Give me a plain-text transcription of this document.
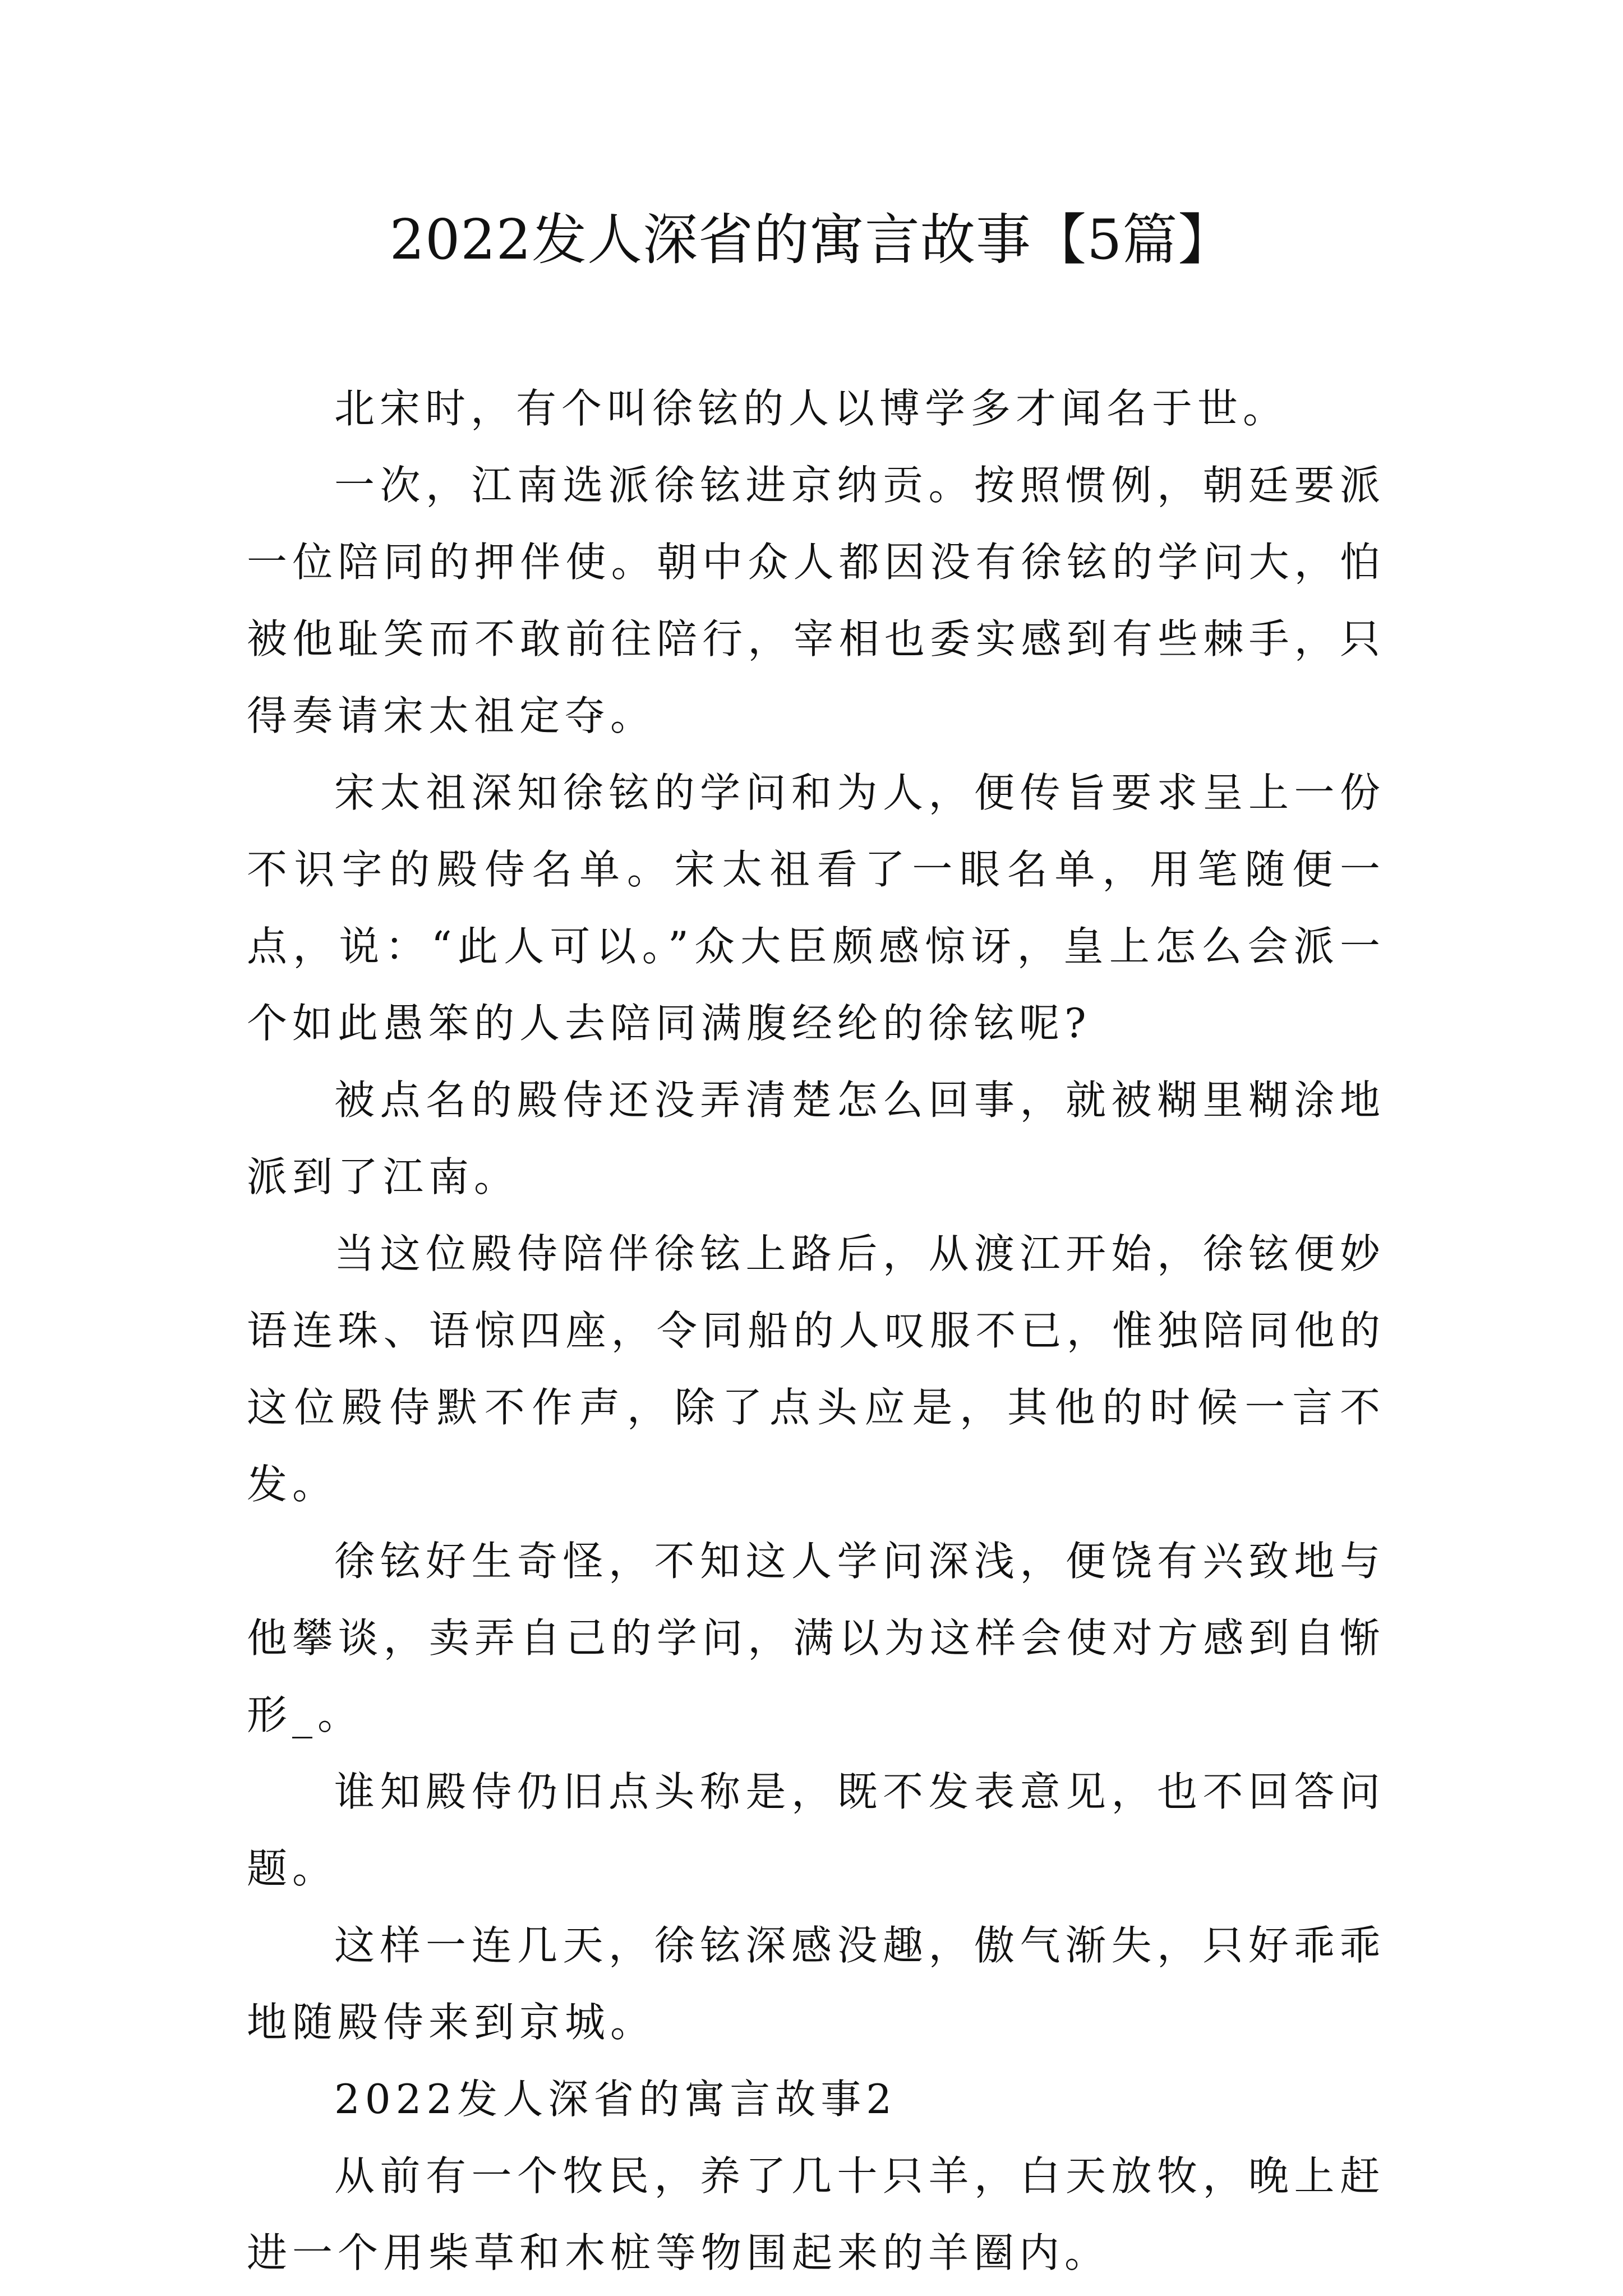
2022发人深省的寓言故事【5篇】

北宋时，有个叫徐铉的人以博学多才闻名于世。

一次，江南选派徐铉进京纳贡。按照惯例，朝廷要派一位陪同的押伴使。朝中众人都因没有徐铉的学问大，怕被他耻笑而不敢前往陪行，宰相也委实感到有些棘手，只得奏请宋太祖定夺。

宋太祖深知徐铉的学问和为人，便传旨要求呈上一份不识字的殿侍名单。宋太祖看了一眼名单，用笔随便一点，说：“此人可以。”众大臣颇感惊讶，皇上怎么会派一个如此愚笨的人去陪同满腹经纶的徐铉呢?

被点名的殿侍还没弄清楚怎么回事，就被糊里糊涂地派到了江南。

当这位殿侍陪伴徐铉上路后，从渡江开始，徐铉便妙语连珠、语惊四座，令同船的人叹服不已，惟独陪同他的这位殿侍默不作声，除了点头应是，其他的时候一言不发。

徐铉好生奇怪，不知这人学问深浅，便饶有兴致地与他攀谈，卖弄自己的学问，满以为这样会使对方感到自惭形_。

谁知殿侍仍旧点头称是，既不发表意见，也不回答问题。

这样一连几天，徐铉深感没趣，傲气渐失，只好乖乖地随殿侍来到京城。

2022发人深省的寓言故事2

从前有一个牧民，养了几十只羊，白天放牧，晚上赶进一个用柴草和木桩等物围起来的羊圈内。
